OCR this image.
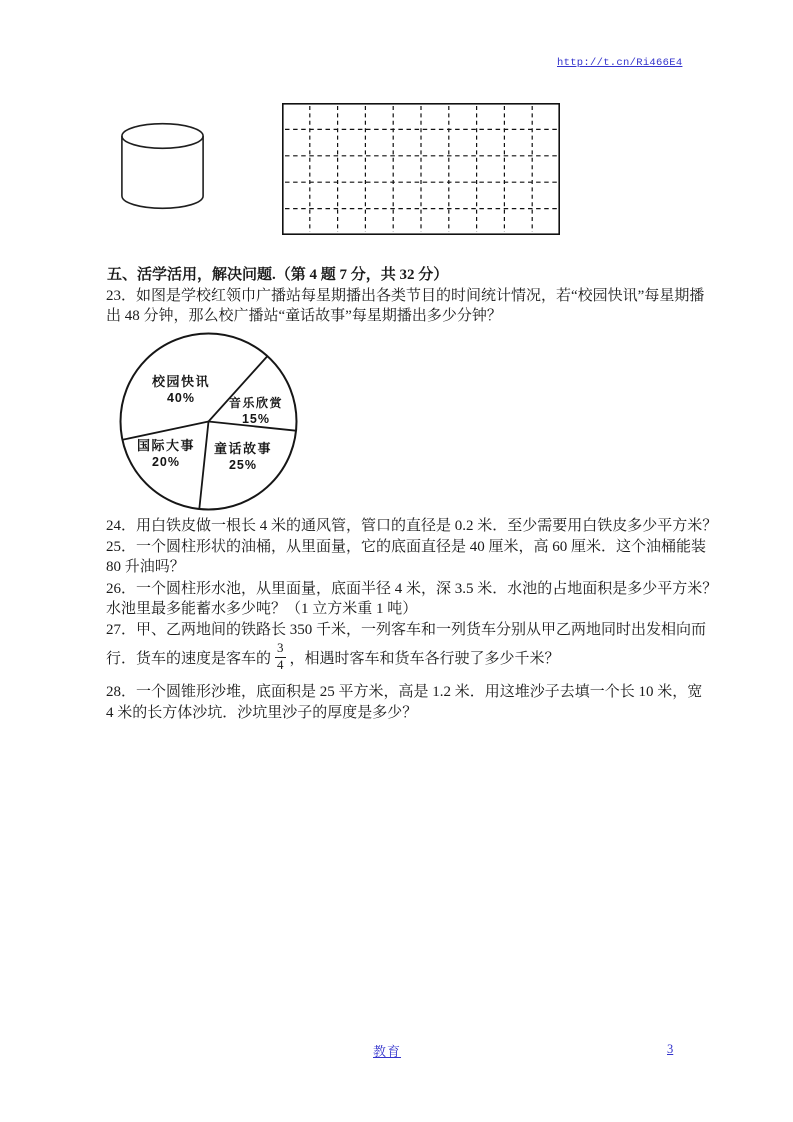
http://t.cn/Ri466E4
五、活学活用，解决问题.（第 4 题 7 分，共 32 分）
23．如图是学校红领巾广播站每星期播出各类节目的时间统计情况，若“校园快讯”每星期播
出 48 分钟，那么校广播站“童话故事”每星期播出多少分钟？
校园快讯
40%	音乐欣赏
15%
国际大事
20%
童话故事
25%
24．用白铁皮做一根长 4 米的通风管，管口的直径是 0.2 米．至少需要用白铁皮多少平方米？
25．一个圆柱形状的油桶，从里面量，它的底面直径是 40 厘米，高 60 厘米．这个油桶能装
80 升油吗？
26．一个圆柱形水池，从里面量，底面半径 4 米，深 3.5 米．水池的占地面积是多少平方米？
水池里最多能蓄水多少吨？（1 立方米重 1 吨）
27．甲、乙两地间的铁路长 350 千米，一列客车和一列货车分别从甲乙两地同时出发相向而
行．货车的速度是客车的 $\frac{3}{4}$ ，相遇时客车和货车各行驶了多少千米？
28．一个圆锥形沙堆，底面积是 25 平方米，高是 1.2 米．用这堆沙子去填一个长 10 米，宽
4 米的长方体沙坑．沙坑里沙子的厚度是多少？
教育	3
